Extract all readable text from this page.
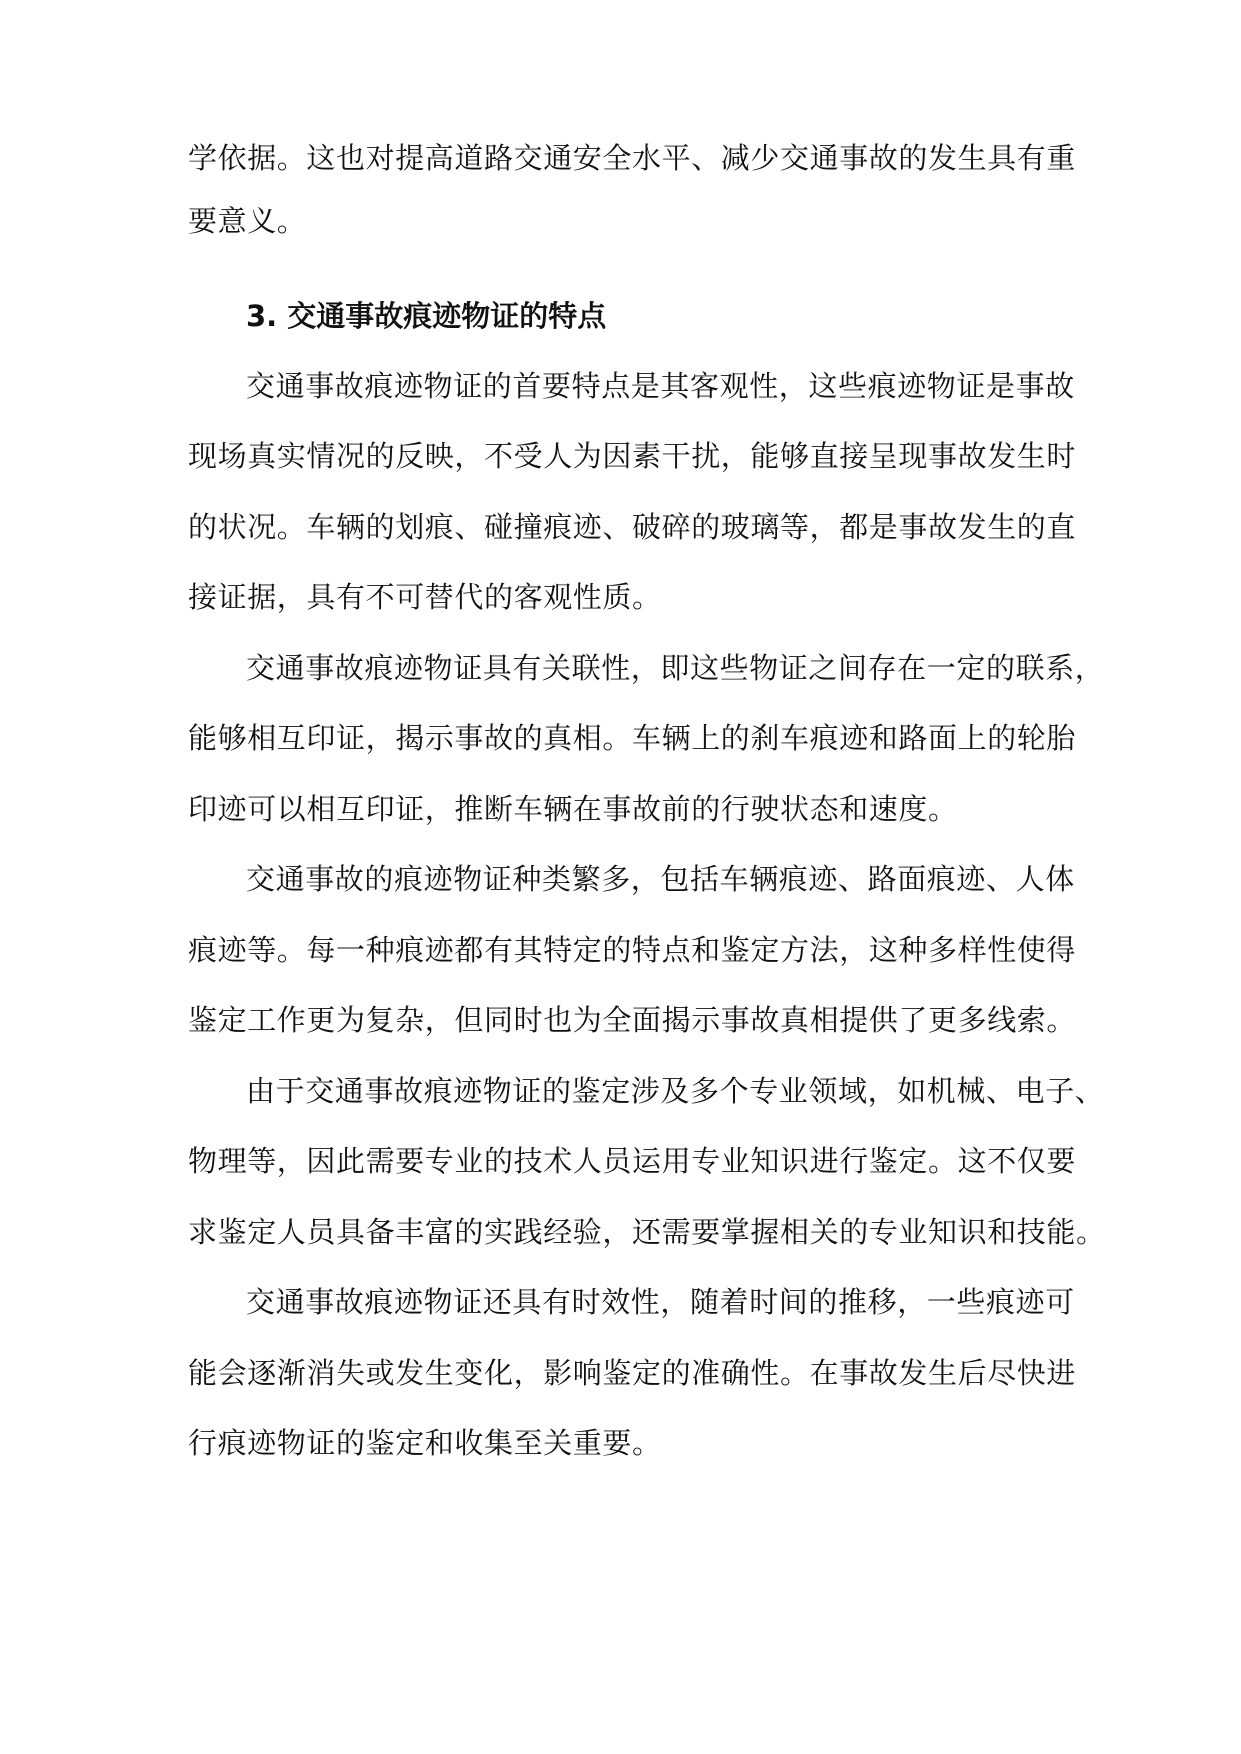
学依据。这也对提高道路交通安全水平、减少交通事故的发生具有重
要意义。
3. 交通事故痕迹物证的特点
交通事故痕迹物证的首要特点是其客观性，这些痕迹物证是事故
现场真实情况的反映，不受人为因素干扰，能够直接呈现事故发生时
的状况。车辆的划痕、碰撞痕迹、破碎的玻璃等，都是事故发生的直
接证据，具有不可替代的客观性质。
交通事故痕迹物证具有关联性，即这些物证之间存在一定的联系，
能够相互印证，揭示事故的真相。车辆上的刹车痕迹和路面上的轮胎
印迹可以相互印证，推断车辆在事故前的行驶状态和速度。
交通事故的痕迹物证种类繁多，包括车辆痕迹、路面痕迹、人体
痕迹等。每一种痕迹都有其特定的特点和鉴定方法，这种多样性使得
鉴定工作更为复杂，但同时也为全面揭示事故真相提供了更多线索。
由于交通事故痕迹物证的鉴定涉及多个专业领域，如机械、电子、
物理等，因此需要专业的技术人员运用专业知识进行鉴定。这不仅要
求鉴定人员具备丰富的实践经验，还需要掌握相关的专业知识和技能。
交通事故痕迹物证还具有时效性，随着时间的推移，一些痕迹可
能会逐渐消失或发生变化，影响鉴定的准确性。在事故发生后尽快进
行痕迹物证的鉴定和收集至关重要。
